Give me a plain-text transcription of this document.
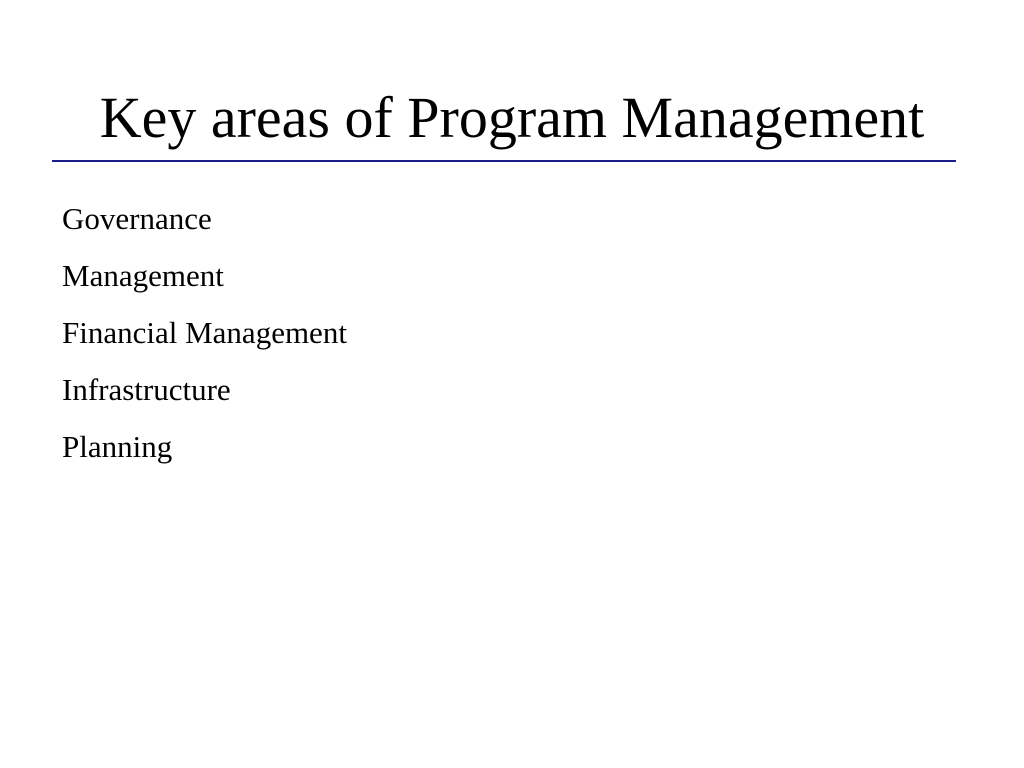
Key areas of Program Management
Governance
Management
Financial Management
Infrastructure
Planning
